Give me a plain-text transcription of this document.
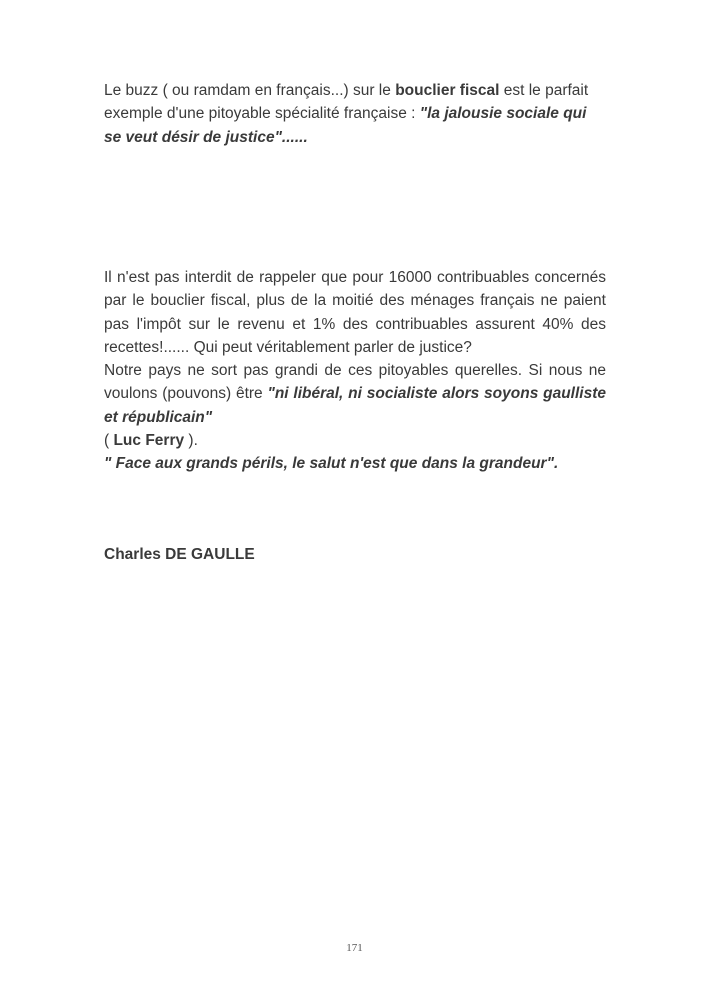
Le buzz ( ou ramdam en français...) sur le bouclier fiscal est le parfait exemple d'une pitoyable spécialité française : "la jalousie sociale qui se veut désir de justice"......

Il n'est pas interdit de rappeler que pour 16000 contribuables concernés par le bouclier fiscal, plus de la moitié des ménages français ne paient pas l'impôt sur le revenu et 1% des contribuables assurent 40% des recettes!...... Qui peut véritablement parler de justice?
Notre pays ne sort pas grandi de ces pitoyables querelles. Si nous ne voulons (pouvons) être "ni libéral, ni socialiste alors soyons gaulliste et républicain"
( Luc Ferry ).
" Face aux grands périls, le salut n'est que dans la grandeur".

Charles DE GAULLE

171
